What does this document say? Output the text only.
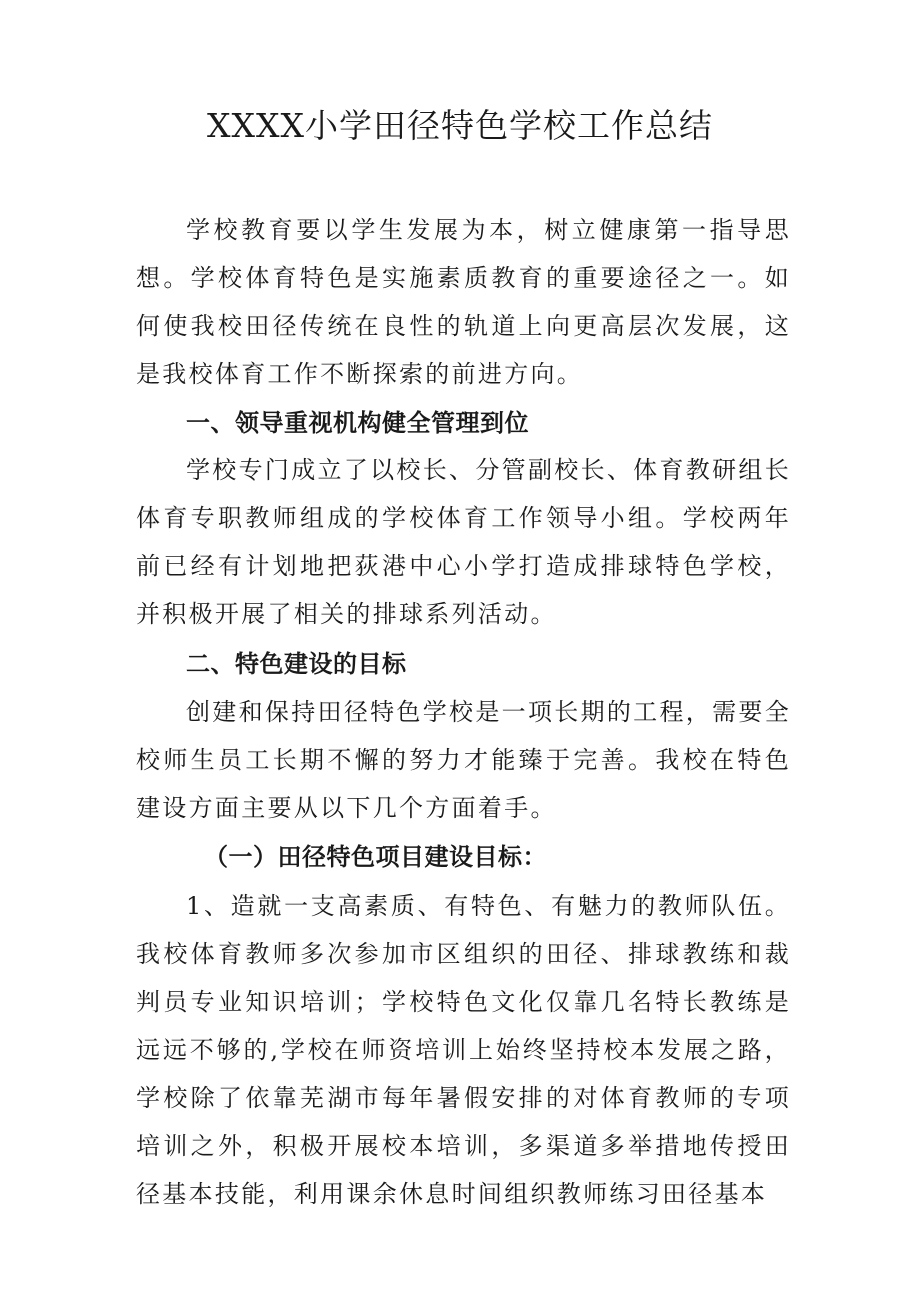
XXXX小学田径特色学校工作总结

学校教育要以学生发展为本，树立健康第一指导思想。学校体育特色是实施素质教育的重要途径之一。如何使我校田径传统在良性的轨道上向更高层次发展，这是我校体育工作不断探索的前进方向。

一、领导重视机构健全管理到位

学校专门成立了以校长、分管副校长、体育教研组长体育专职教师组成的学校体育工作领导小组。学校两年前已经有计划地把荻港中心小学打造成排球特色学校，并积极开展了相关的排球系列活动。

二、特色建设的目标

创建和保持田径特色学校是一项长期的工程，需要全校师生员工长期不懈的努力才能臻于完善。我校在特色建设方面主要从以下几个方面着手。

（一）田径特色项目建设目标：

1、造就一支高素质、有特色、有魅力的教师队伍。我校体育教师多次参加市区组织的田径、排球教练和裁判员专业知识培训；学校特色文化仅靠几名特长教练是远远不够的,学校在师资培训上始终坚持校本发展之路，学校除了依靠芜湖市每年暑假安排的对体育教师的专项培训之外，积极开展校本培训，多渠道多举措地传授田径基本技能，利用课余休息时间组织教师练习田径基本
